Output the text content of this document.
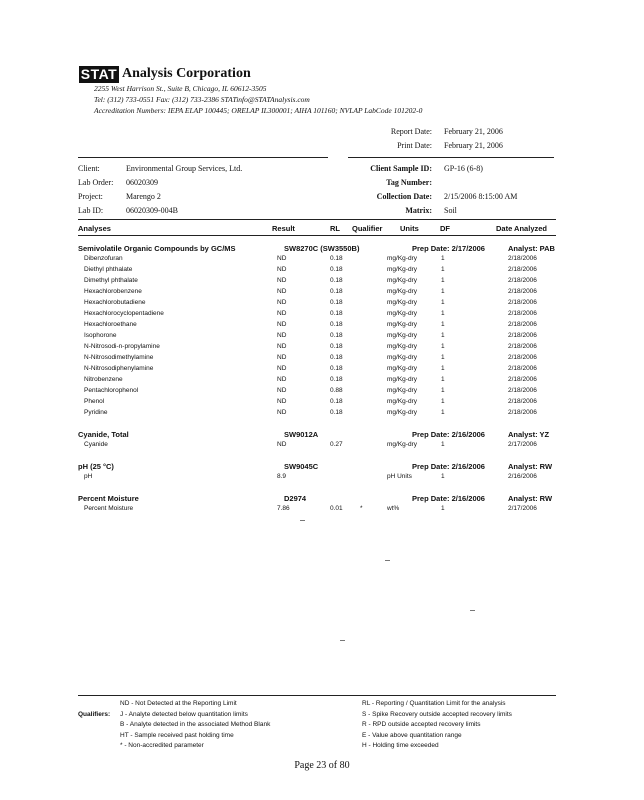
STAT Analysis Corporation
2255 West Harrison St., Suite B, Chicago, IL 60612-3505
Tel: (312) 733-0551 Fax: (312) 733-2386 STATinfo@STATAnalysis.com
Accreditation Numbers: IEPA ELAP 100445; ORELAP IL300001; AIHA 101160; NVLAP LabCode 101202-0
Report Date: February 21, 2006
Print Date: February 21, 2006
Client:	Environmental Group Services, Ltd.
Lab Order: 06020309
Project:	Marengo 2
Lab ID:	06020309-004B
Client Sample ID: GP-16 (6-8)
Tag Number:
Collection Date: 2/15/2006 8:15:00 AM
Matrix: Soil
Analyses	Result	RL Qualifier Units	DF	Date Analyzed
Semivolatile Organic Compounds by GC/MS	SW8270C (SW3550B)	Prep Date: 2/17/2006	Analyst: PAB
Dibenzofuran	ND	0.18	mg/Kg-dry	1	2/18/2006
Diethyl phthalate	ND	0.18	mg/Kg-dry	1	2/18/2006
Dimethyl phthalate	ND	0.18	mg/Kg-dry	1	2/18/2006
Hexachlorobenzene	ND	0.18	mg/Kg-dry	1	2/18/2006
Hexachlorobutadiene	ND	0.18	mg/Kg-dry	1	2/18/2006
Hexachlorocyclopentadiene	ND	0.18	mg/Kg-dry	1	2/18/2006
Hexachloroethane	ND	0.18	mg/Kg-dry	1	2/18/2006
Isophorone	ND	0.18	mg/Kg-dry	1	2/18/2006
N-Nitrosodi-n-propylamine	ND	0.18	mg/Kg-dry	1	2/18/2006
N-Nitrosodimethylamine	ND	0.18	mg/Kg-dry	1	2/18/2006
N-Nitrosodiphenylamine	ND	0.18	mg/Kg-dry	1	2/18/2006
Nitrobenzene	ND	0.18	mg/Kg-dry	1	2/18/2006
Pentachlorophenol	ND	0.88	mg/Kg-dry	1	2/18/2006
Phenol	ND	0.18	mg/Kg-dry	1	2/18/2006
Pyridine	ND	0.18	mg/Kg-dry	1	2/18/2006
Cyanide, Total	SW9012A	Prep Date: 2/16/2006	Analyst: YZ
Cyanide	ND	0.27	mg/Kg-dry	1	2/17/2006
pH (25 °C)	SW9045C	Prep Date: 2/16/2006	Analyst: RW
pH	8.9	pH Units	1	2/16/2006
Percent Moisture	D2974	Prep Date: 2/16/2006	Analyst: RW
Percent Moisture	7.86	0.01	*	wt%	1	2/17/2006
Qualifiers:
ND - Not Detected at the Reporting Limit
J - Analyte detected below quantitation limits
B - Analyte detected in the associated Method Blank
HT - Sample received past holding time
* - Non-accredited parameter
RL - Reporting / Quantitation Limit for the analysis
S - Spike Recovery outside accepted recovery limits
R - RPD outside accepted recovery limits
E - Value above quantitation range
H - Holding time exceeded
Page 23 of 80
